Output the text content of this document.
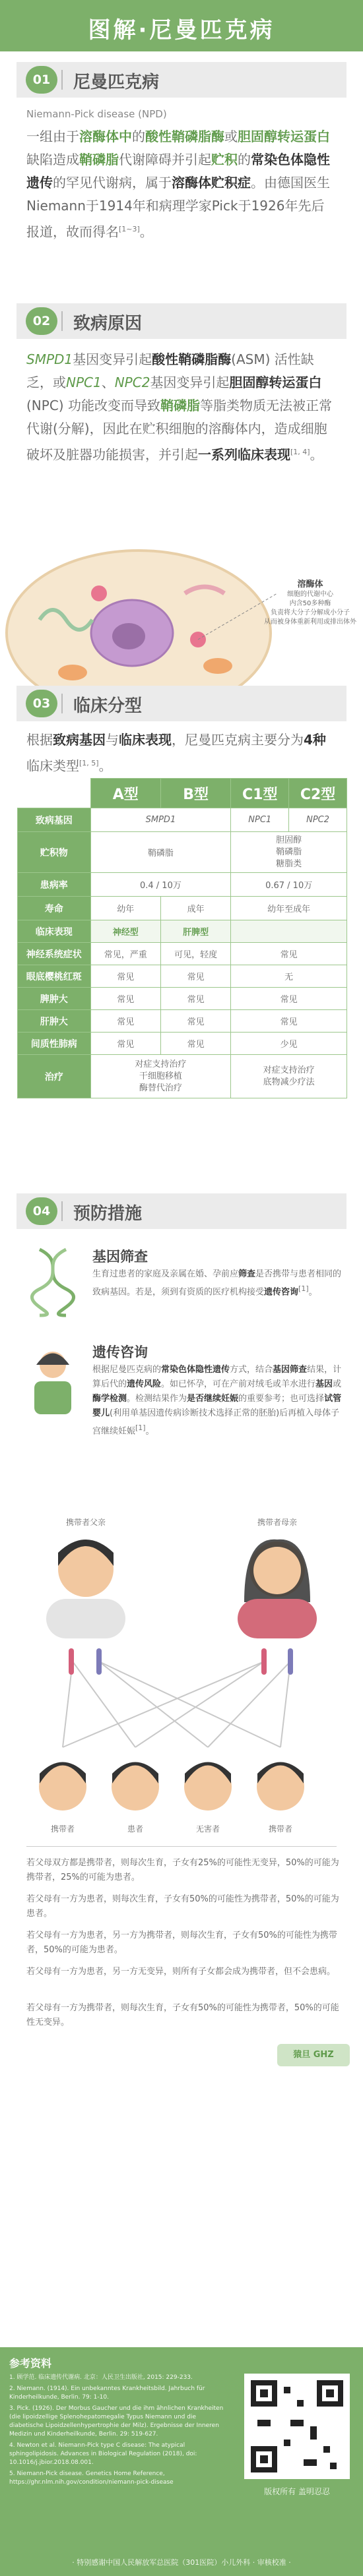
图解·尼曼匹克病
01	尼曼匹克病
Niemann-Pick disease (NPD)

一组由于溶酶体中的酸性鞘磷脂酶或胆固醇转运蛋白缺陷造成鞘磷脂代谢障碍并引起贮积的常染色体隐性遗传的罕见代谢病，属于溶酶体贮积症。由德国医生Niemann于1914年和病理学家Pick于1926年先后报道，故而得名[1~3]。

02	致病原因

SMPD1基因变异引起酸性鞘磷脂酶(ASM) 活性缺乏，或NPC1、NPC2基因变异引起胆固醇转运蛋白(NPC) 功能改变而导致鞘磷脂等脂类物质无法被正常代谢(分解)，因此在贮积细胞的溶酶体内，造成细胞破坏及脏器功能损害，并引起一系列临床表现[1, 4]。

溶酶体
细胞的代谢中心
内含50多种酶
负责将大分子分解成小分子
从而被身体重新利用或排出体外
03	临床分型

根据致病基因与临床表现，尼曼匹克病主要分为4种临床类型[1, 5]。

	A型	B型	C1型	C2型
致病基因	SMPD1		NPC1	NPC2
贮积物	鞘磷脂		胆固醇
鞘磷脂
糖脂类	
患病率	0.4 / 10万		0.67 / 10万	
寿命	幼年	成年	幼年至成年	
临床表现	神经型	肝脾型		
神经系统症状	常见，严重	可见，轻度	常见	
眼底樱桃红斑	常见	常见	无	
脾肿大	常见	常见	常见	
肝肿大	常见	常见	常见	
间质性肺病	常见	常见	少见	
治疗	对症支持治疗
干细胞移植
酶替代治疗		对症支持治疗
底物减少疗法	
04	预防措施
基因筛查
生育过患者的家庭及亲属在婚、孕前应筛查是否携带与患者相同的致病基因。若是，须到有资质的医疗机构接受遗传咨询[1]。
遗传咨询
根据尼曼匹克病的常染色体隐性遗传方式，结合基因筛查结果，计算后代的遗传风险。如已怀孕，可在产前对绒毛或羊水进行基因或酶学检测。检测结果作为是否继续妊娠的重要参考；也可选择试管婴儿(利用单基因遗传病诊断技术选择正常的胚胎)后再植入母体子宫继续妊娠[1]。
携带者父亲	携带者母亲
携带者	患者	无害者	携带者
若父母双方都是携带者，则每次生育，子女有25%的可能性无变异，50%的可能为携带者，25%的可能为患者。
若父母有一方为患者，则每次生育，子女有50%的可能性为携带者，50%的可能为患者。
若父母有一方为患者，另一方为携带者，则每次生育，子女有50%的可能性为携带者，50%的可能为患者。
若父母有一方为患者，另一方无变异，则所有子女都会成为携带者，但不会患病。
若父母有一方为携带者，则每次生育，子女有50%的可能性为携带者，50%的可能性无变异。
猿旦 GHZ
参考资料
1. 顾学范. 临床遗传代谢病. 北京：人民卫生出版社, 2015: 229-233.
2. Niemann. (1914). Ein unbekanntes Krankheitsbild. Jahrbuch für Kinderheilkunde, Berlin. 79: 1-10.
3. Pick. (1926). Der Morbus Gaucher und die ihm ähnlichen Krankheiten (die lipoidzellige Splenohepatomegalie Typus Niemann und die diabetische Lipoidzellenhypertrophie der Milz). Ergebnisse der Inneren Medizin und Kinderheilkunde, Berlin. 29: 519-627.
4. Newton et al. Niemann-Pick type C disease: The atypical sphingolipidosis. Advances in Biological Regulation (2018), doi: 10.1016/j.jbior.2018.08.001.
5. Niemann-Pick disease. Genetics Home Reference, https://ghr.nlm.nih.gov/condition/niemann-pick-disease
版权所有 盖明忍忍
· 特别感谢中国人民解放军总医院（301医院）小儿外科 · 审核校准 ·
